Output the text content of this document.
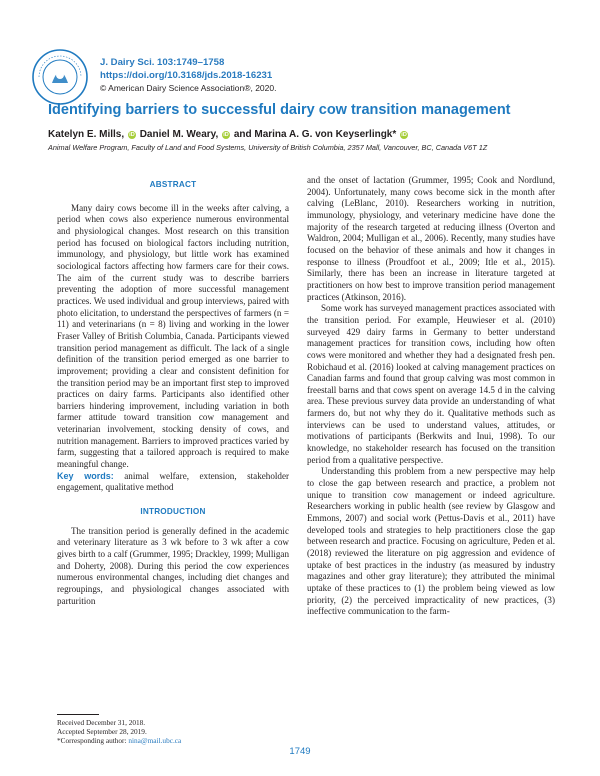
J. Dairy Sci. 103:1749–1758
https://doi.org/10.3168/jds.2018-16231
© American Dairy Science Association®, 2020.
Identifying barriers to successful dairy cow transition management
Katelyn E. Mills, iD Daniel M. Weary, iD and Marina A. G. von Keyserlingk* iD
Animal Welfare Program, Faculty of Land and Food Systems, University of British Columbia, 2357 Mall, Vancouver, BC, Canada V6T 1Z
ABSTRACT

Many dairy cows become ill in the weeks after calving, a period when cows also experience numerous environmental and physiological changes. Most research on this transition period has focused on biological factors including nutrition, immunology, and physiology, but little work has examined sociological factors affecting how farmers care for their cows. The aim of the current study was to describe barriers preventing the adoption of more successful management practices. We used individual and group interviews, paired with photo elicitation, to understand the perspectives of farmers (n = 11) and veterinarians (n = 8) living and working in the lower Fraser Valley of British Columbia, Canada. Participants viewed transition period management as difficult. The lack of a single definition of the transition period emerged as one barrier to improvement; providing a clear and consistent definition for the transition period may be an important first step to improved practices on dairy farms. Participants also identified other barriers hindering improvement, including variation in both farmer attitude toward transition cow management and veterinarian involvement, stocking density of cows, and nutrition management. Barriers to improved practices varied by farm, suggesting that a tailored approach is required to make meaningful change.

Key words: animal welfare, extension, stakeholder engagement, qualitative method

INTRODUCTION

The transition period is generally defined in the academic and veterinary literature as 3 wk before to 3 wk after a cow gives birth to a calf (Grummer, 1995; Drackley, 1999; Mulligan and Doherty, 2008). During this period the cow experiences numerous environmental changes, including diet changes and regroupings, and physiological changes associated with parturition

and the onset of lactation (Grummer, 1995; Cook and Nordlund, 2004). Unfortunately, many cows become sick in the month after calving (LeBlanc, 2010). Researchers working in nutrition, immunology, physiology, and veterinary medicine have done the majority of the research targeted at reducing illness (Overton and Waldron, 2004; Mulligan et al., 2006). Recently, many studies have focused on the behavior of these animals and how it changes in response to illness (Proudfoot et al., 2009; Itle et al., 2015). Similarly, there has been an increase in literature targeted at practitioners on how best to improve transition period management practices (Atkinson, 2016).

Some work has surveyed management practices associated with the transition period. For example, Heuwieser et al. (2010) surveyed 429 dairy farms in Germany to better understand management practices for transition cows, including how often cows were monitored and whether they had a designated fresh pen. Robichaud et al. (2016) looked at calving management practices on Canadian farms and found that group calving was most common in freestall barns and that cows spent on average 14.5 d in the calving area. These previous survey data provide an understanding of what farmers do, but not why they do it. Qualitative methods such as interviews can be used to understand values, attitudes, or motivations of participants (Berkwits and Inui, 1998). To our knowledge, no stakeholder research has focused on the transition period from a qualitative perspective.

Understanding this problem from a new perspective may help to close the gap between research and practice, a problem not unique to transition cow management or indeed agriculture. Researchers working in public health (see review by Glasgow and Emmons, 2007) and social work (Pettus-Davis et al., 2011) have developed tools and strategies to help practitioners close the gap between research and practice. Focusing on agriculture, Peden et al. (2018) reviewed the literature on pig aggression and evidence of uptake of best practices in the industry (as measured by industry magazines and other gray literature); they attributed the minimal uptake of these practices to (1) the problem being viewed as low priority, (2) the perceived impracticality of new practices, (3) ineffective communication to the farm-

Received December 31, 2018.
Accepted September 28, 2019.
*Corresponding author: nina@mail.ubc.ca
1749
